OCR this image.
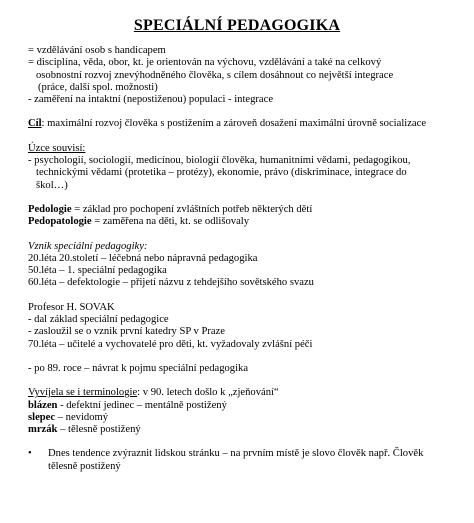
SPECIÁLNÍ PEDAGOGIKA
= vzdělávání osob s handicapem
= disciplína, věda, obor, kt. je orientován na výchovu, vzdělávání a také na celkový
osobnostní rozvoj znevýhodněného člověka, s cílem dosáhnout co největší integrace
(práce, další spol. možnosti)
- zaměření na intaktní (nepostiženou) populaci - integrace
Cíl: maximální rozvoj člověka s postižením a zároveň dosažení maximální úrovně socializace
Úzce souvisí:
- psychologií, sociologií, medicínou, biologií člověka, humanitními vědami, pedagogikou,
technickými vědami (protetika – protézy), ekonomie, právo (diskriminace, integrace do
škol…)
Pedologie = základ pro pochopení zvláštních potřeb některých dětí
Pedopatologie = zaměřena na děti, kt. se odlišovaly
Vznik speciální pedagogiky:
20.léta 20.století – léčebná nebo nápravná pedagogika
50.léta – 1. speciální pedagogika
60.léta – defektologie – přijetí názvu z tehdejšího sovětského svazu
Profesor H. SOVAK
- dal základ speciální pedagogice
- zasloužil se o vznik první katedry SP v Praze
70.léta – učitelé a vychovatelé pro děti, kt. vyžadovaly zvlášní péči
- po 89. roce – návrat k pojmu speciální pedagogika
Vyvíjela se i terminologie: v 90. letech došlo k „zjeňování“
blázen - defektní jedinec – mentálně postižený
slepec – nevidomý
mrzák – tělesně postižený
•	Dnes tendence zvýraznit lidskou stránku – na prvním místě je slovo člověk např. Člověk
tělesně postižený
